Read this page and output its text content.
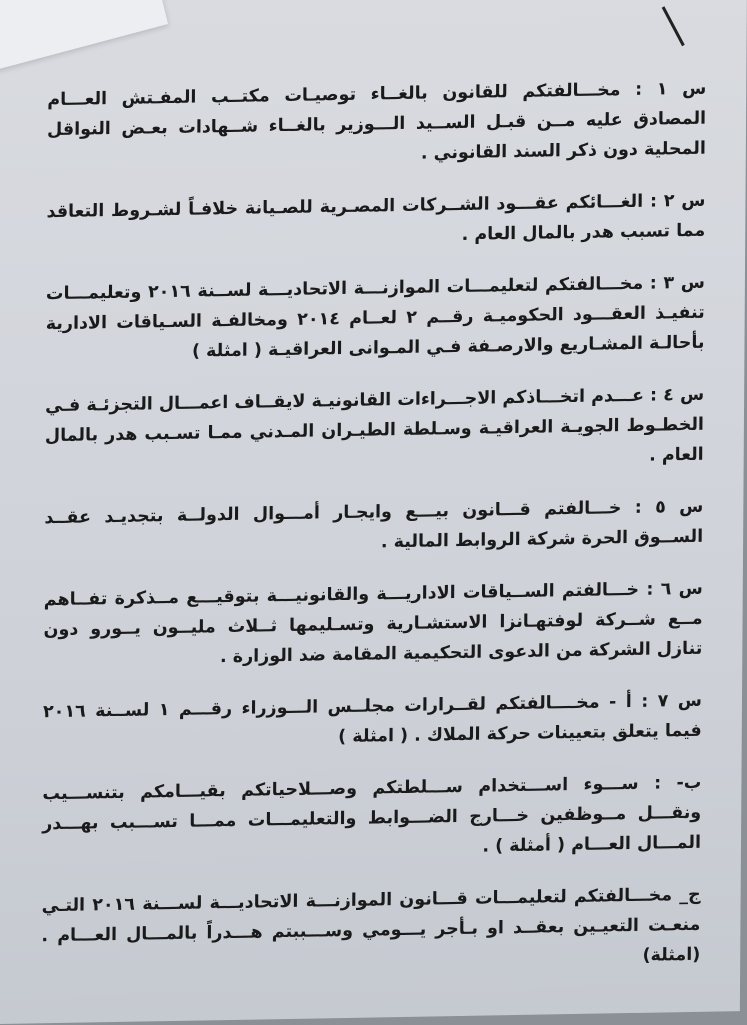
س ١ : مخـــالفتكم للقانون بالغــاء توصيـات مكتــب المفـتش العـــام المصادق عليه مــن قبـل الســيد الـــوزير بالغــاء شــهادات بعـض النواقل المحلية دون ذكر السند القانوني .

س ٢ : الغـــائكم عقـــود الشــركات المصـرية للصـيانة خلافـاً لشـروط التعاقد مما تسبب هدر بالمال العام .

س ٣ : مخـــالفتكم لتعليمـــات الموازنـــة الاتحاديـــة لســنة ٢٠١٦ وتعليمـــات تنفيـذ العقـــود الحكوميـة رقــم ٢ لعــام ٢٠١٤ ومخالفـة السـياقات الادارية بأحالـة المشـاريع والارصـفة فـي المـوانى العراقيـة ( امثلة )

س ٤ : عـــدم اتخـــاذكم الاجـــراءات القانونيـة لايقــاف اعمـــال التجزئـة فـي الخطـوط الجويـة العراقيـة وسـلطة الطيـران المـدني ممـا تسـبب هدر بالمال العام .

س ٥ : خـــالفتم قـــانون بيـــع وايجـار أمـــوال الدولــة بتجديـد عقــد الســوق الحرة شركة الروابط المالية .

س ٦ : خـــالفتم الســياقات الاداريـــة والقانونيـــة بتوقيـــع مــذكرة تفــاهم مــع شــركة لوفتهـانزا الاستشـارية وتسـليمها ثــلاث مليــون يــورو دون تنازل الشركة من الدعوى التحكيمية المقامة ضد الوزارة .

س ٧ : أ - مخــــالفتكم لقــرارات مجلــس الـــوزراء رقـــم ١ لســنة ٢٠١٦ فيما يتعلق بتعيينات حركة الملاك . ( امثلة )

ب- : ســـوء اســـتخدام ســـلطتكم وصـــلاحياتكم بقيـــامكم بتنســـيب ونقـــل مــوظفين خـــارج الضـــوابط والتعليمـــات ممـــا تســـبب بهـــدر المـــال العـــام ( أمثلة ) .

ج_ مخـــالفتكم لتعليمـــات قـــانون الموازنـــة الاتحاديـــة لســـنة ٢٠١٦ التـي منعـت التعيـين بعقــد او بـأجر يـــومي وســـببتم هـــدراً بالمـــال العـــام . (امثلة)
